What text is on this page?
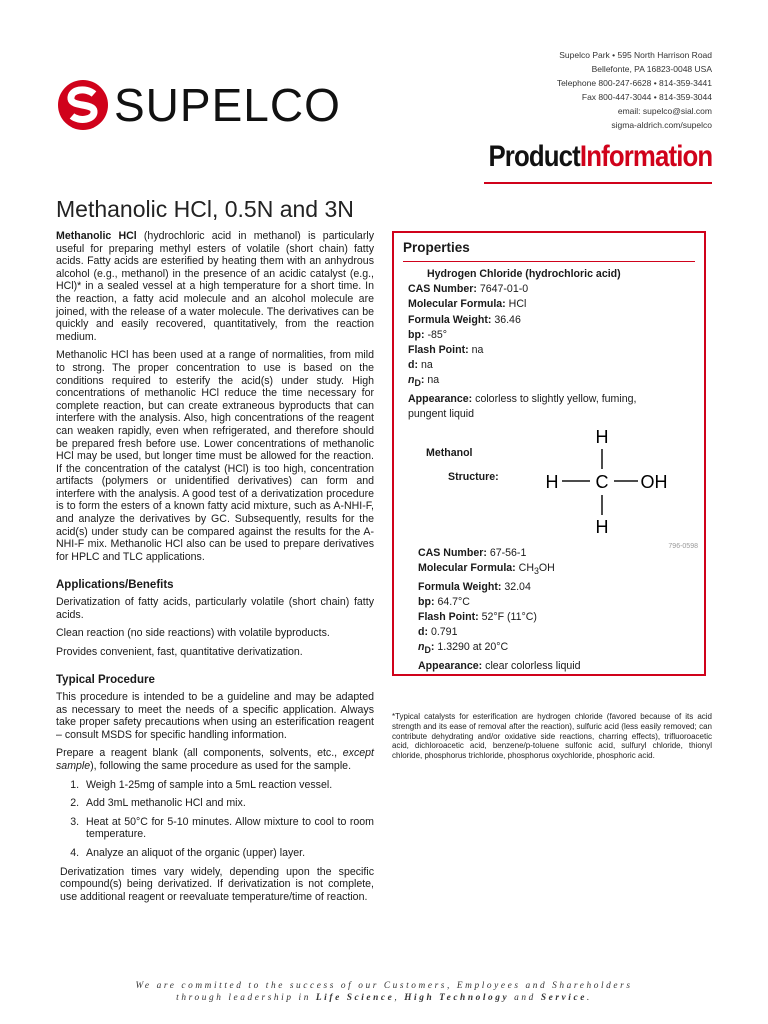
SUPELCO
Supelco Park • 595 North Harrison Road
Bellefonte, PA 16823-0048 USA
Telephone 800-247-6628 • 814-359-3441
Fax 800-447-3044 • 814-359-3044
email: supelco@sial.com
sigma-aldrich.com/supelco
ProductInformation
Methanolic HCl, 0.5N and 3N

Methanolic HCl (hydrochloric acid in methanol) is particularly useful for preparing methyl esters of volatile (short chain) fatty acids. Fatty acids are esterified by heating them with an anhydrous alcohol (e.g., methanol) in the presence of an acidic catalyst (e.g., HCl)* in a sealed vessel at a high temperature for a short time. In the reaction, a fatty acid molecule and an alcohol molecule are joined, with the release of a water molecule. The derivatives can be quickly and easily recovered, quantitatively, from the reaction medium.

Methanolic HCl has been used at a range of normalities, from mild to strong. The proper concentration to use is based on the conditions required to esterify the acid(s) under study. High concentrations of methanolic HCl reduce the time necessary for complete reaction, but can create extraneous byproducts that can interfere with the analysis. Also, high concentrations of the reagent can weaken rapidly, even when refrigerated, and therefore should be prepared fresh before use. Lower concentrations of methanolic HCl may be used, but longer time must be allowed for the reaction. If the concentration of the catalyst (HCl) is too high, concentration artifacts (polymers or unidentified derivatives) can form and interfere with the analysis. A good test of a derivatization procedure is to form the esters of a known fatty acid mixture, such as A-NHI-F, and analyze the derivatives by GC. Subsequently, results for the acid(s) under study can be compared against the results for the A-NHI-F mix. Methanolic HCl also can be used to prepare derivatives for HPLC and TLC applications.

Applications/Benefits

Derivatization of fatty acids, particularly volatile (short chain) fatty acids.

Clean reaction (no side reactions) with volatile byproducts.

Provides convenient, fast, quantitative derivatization.

Typical Procedure

This procedure is intended to be a guideline and may be adapted as necessary to meet the needs of a specific application. Always take proper safety precautions when using an esterification reagent – consult MSDS for specific handling information.

Prepare a reagent blank (all components, solvents, etc., except sample), following the same procedure as used for the sample.

1. Weigh 1-25mg of sample into a 5mL reaction vessel.
2. Add 3mL methanolic HCl and mix.
3. Heat at 50°C for 5-10 minutes. Allow mixture to cool to room temperature.
4. Analyze an aliquot of the organic (upper) layer.

Derivatization times vary widely, depending upon the specific compound(s) being derivatized. If derivatization is not complete, use additional reagent or reevaluate temperature/time of reaction.

Properties
Hydrogen Chloride (hydrochloric acid)
CAS Number: 7647-01-0
Molecular Formula: HCl
Formula Weight: 36.46
bp: -85°
Flash Point: na
d: na
$n_D$: na
Appearance: colorless to slightly yellow, fuming, pungent liquid
Methanol
Structure:
H
H C OH
H
796-0598
CAS Number: 67-56-1
Molecular Formula: $CH_3OH$
Formula Weight: 32.04
bp: 64.7°C
Flash Point: 52°F (11°C)
d: 0.791
$n_D$: 1.3290 at 20°C
Appearance: clear colorless liquid
*Typical catalysts for esterification are hydrogen chloride (favored because of its acid strength and its ease of removal after the reaction), sulfuric acid (less easily removed; can contribute dehydrating and/or oxidative side reactions, charring effects), trifluoroacetic acid, dichloroacetic acid, benzene/p-toluene sulfonic acid, sulfuryl chloride, thionyl chloride, phosphorus trichloride, phosphorus oxychloride, phosphoric acid.
We are committed to the success of our Customers, Employees and Shareholders
through leadership in Life Science, High Technology and Service.
